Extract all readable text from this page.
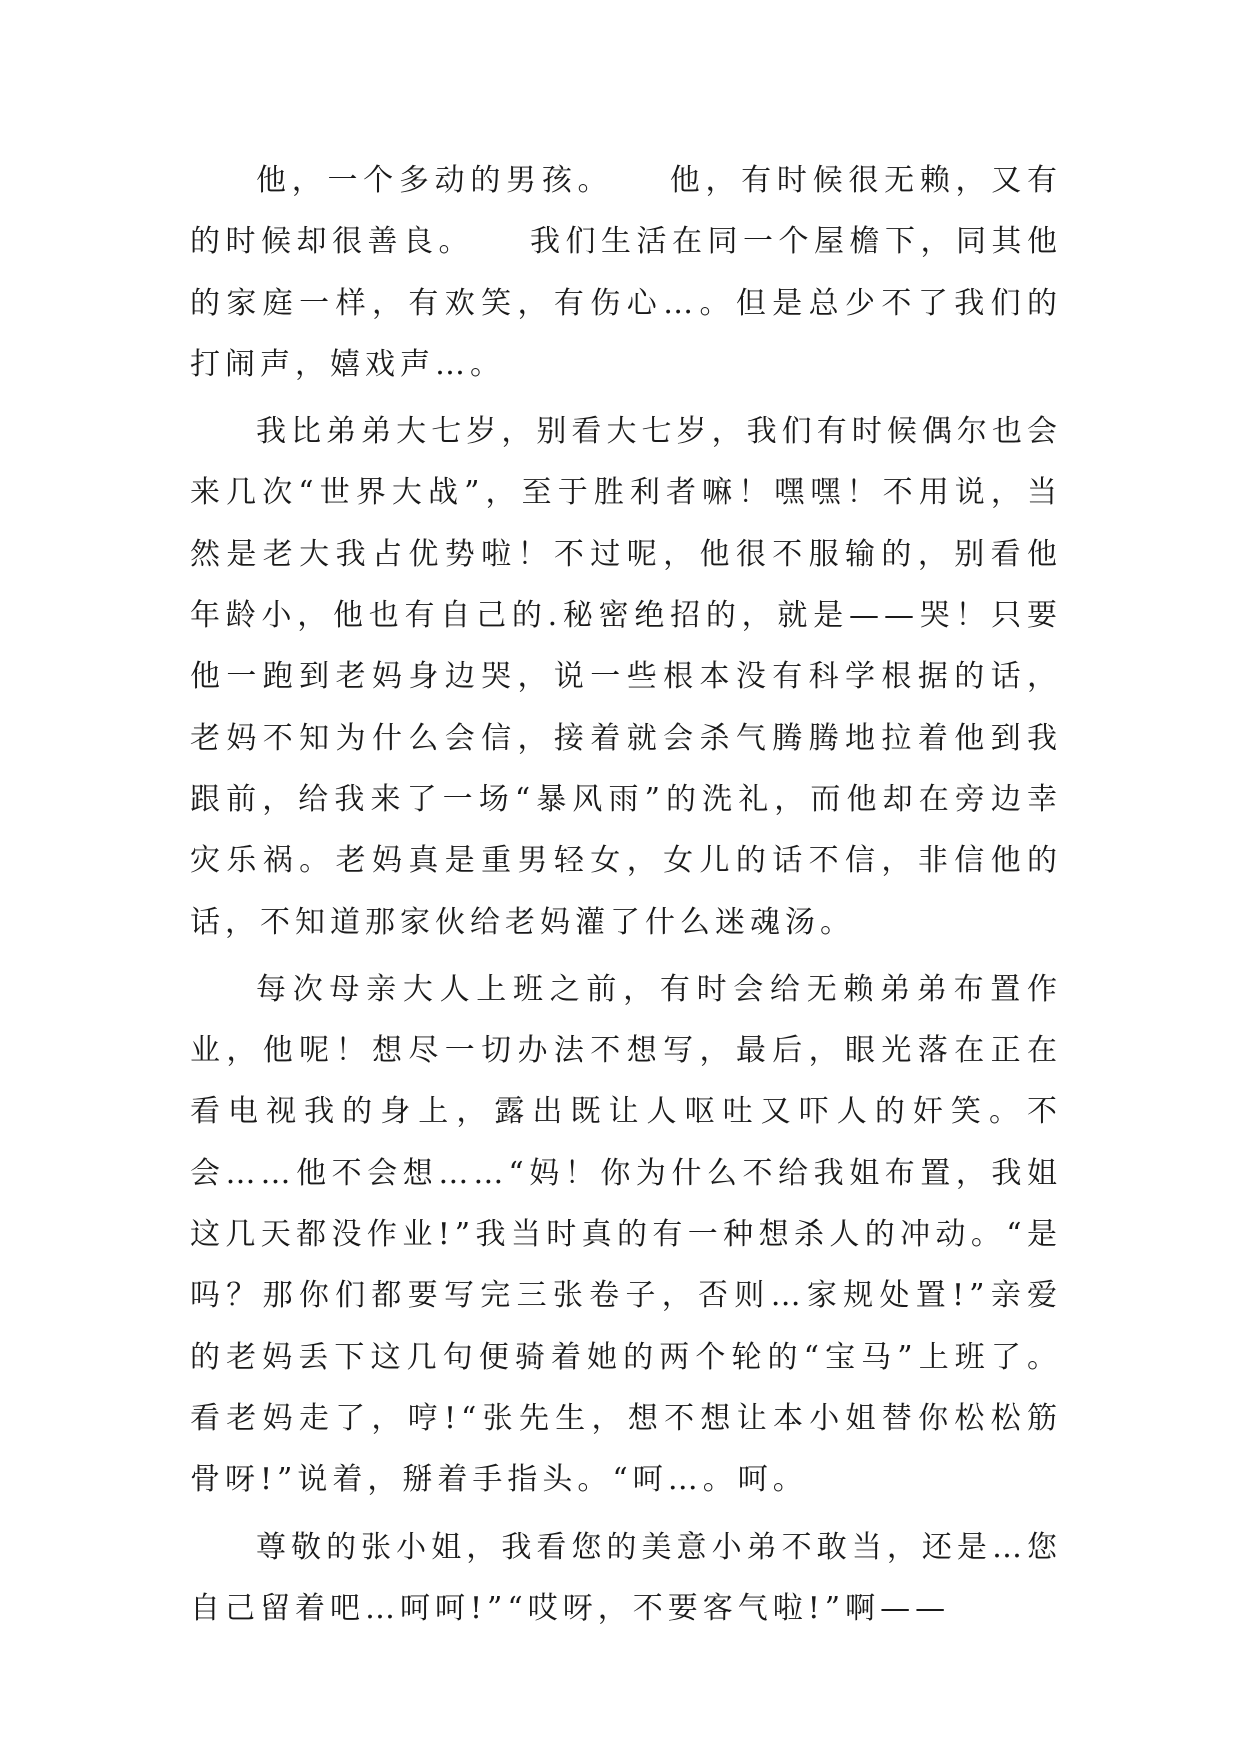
他，一个多动的男孩。　　他，有时候很无赖，又有的时候却很善良。　　我们生活在同一个屋檐下，同其他的家庭一样，有欢笑，有伤心…。但是总少不了我们的打闹声，嬉戏声…。

我比弟弟大七岁，别看大七岁，我们有时候偶尔也会来几次“世界大战”，至于胜利者嘛！嘿嘿！不用说，当然是老大我占优势啦！不过呢，他很不服输的，别看他年龄小，他也有自己的.秘密绝招的，就是——哭！只要他一跑到老妈身边哭，说一些根本没有科学根据的话，老妈不知为什么会信，接着就会杀气腾腾地拉着他到我跟前，给我来了一场“暴风雨”的洗礼，而他却在旁边幸灾乐祸。老妈真是重男轻女，女儿的话不信，非信他的话，不知道那家伙给老妈灌了什么迷魂汤。

每次母亲大人上班之前，有时会给无赖弟弟布置作业，他呢！想尽一切办法不想写，最后，眼光落在正在看电视我的身上，露出既让人呕吐又吓人的奸笑。不会……他不会想……“妈！你为什么不给我姐布置，我姐这几天都没作业!”我当时真的有一种想杀人的冲动。“是吗？那你们都要写完三张卷子，否则…家规处置!”亲爱的老妈丢下这几句便骑着她的两个轮的“宝马”上班了。看老妈走了，哼!“张先生，想不想让本小姐替你松松筋骨呀!”说着，掰着手指头。“呵…。呵。

尊敬的张小姐，我看您的美意小弟不敢当，还是…您自己留着吧…呵呵!”“哎呀，不要客气啦!”啊——
